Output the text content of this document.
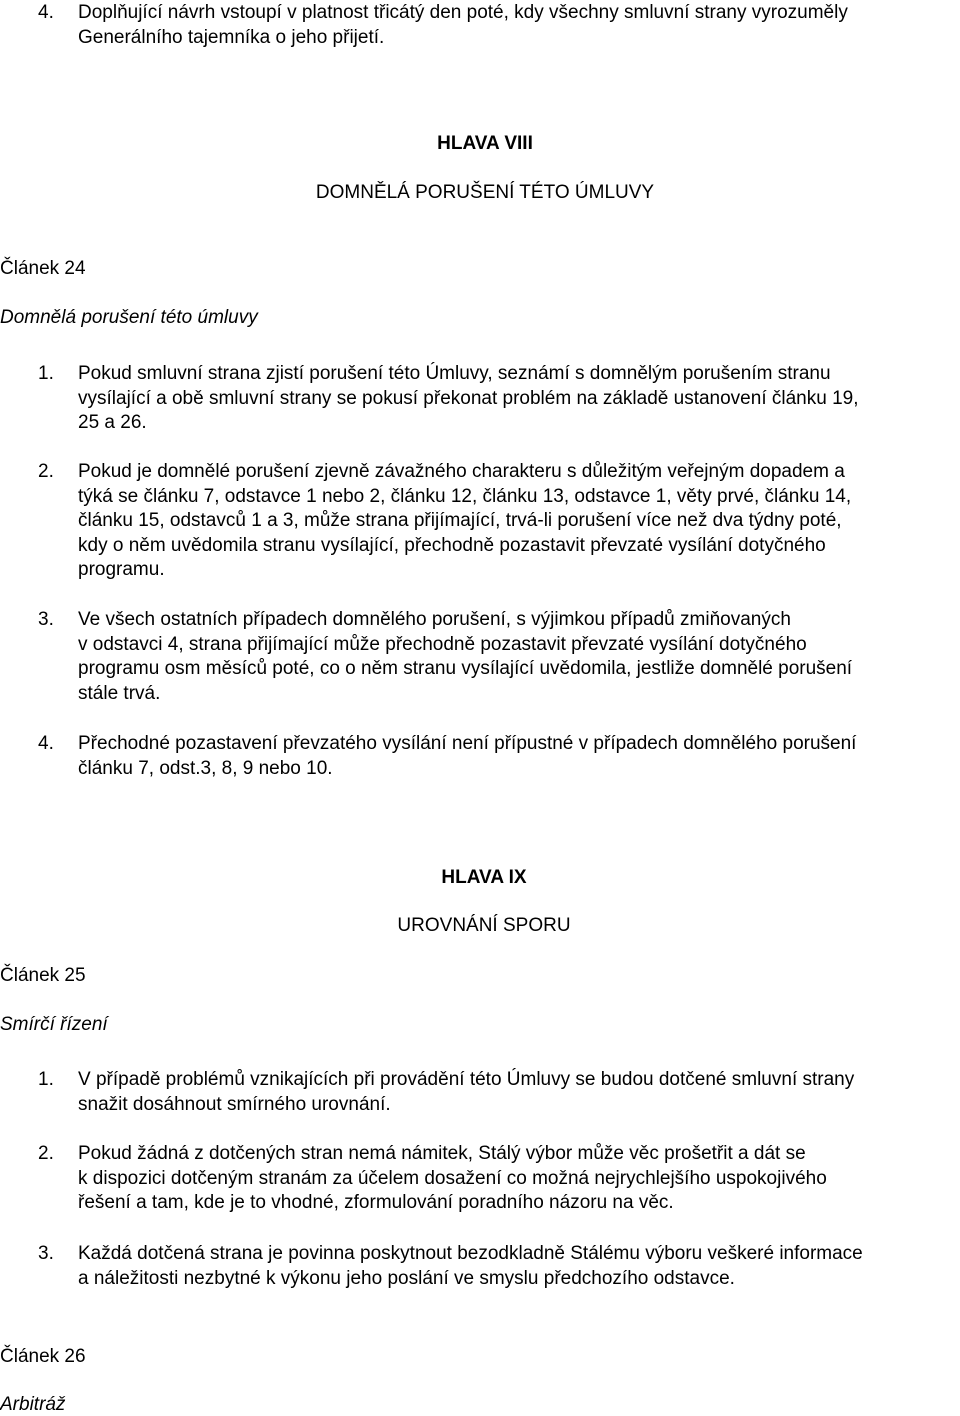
4. Doplňující návrh vstoupí v platnost třicátý den poté, kdy všechny smluvní strany vyrozuměly
Generálního tajemníka o jeho přijetí.
HLAVA VIII
DOMNĚLÁ PORUŠENÍ TÉTO ÚMLUVY
Článek 24
Domnělá porušení této úmluvy
1. Pokud smluvní strana zjistí porušení této Úmluvy, seznámí s domnělým porušením stranu
vysílající a obě smluvní strany se pokusí překonat problém na základě ustanovení článku 19,
25 a 26.
2. Pokud je domnělé porušení zjevně závažného charakteru s důležitým veřejným dopadem a
týká se článku 7, odstavce 1 nebo 2, článku 12, článku 13, odstavce 1, věty prvé, článku 14,
článku 15, odstavců 1 a 3, může strana přijímající, trvá-li porušení více než dva týdny poté,
kdy o něm uvědomila stranu vysílající, přechodně pozastavit převzaté vysílání dotyčného
programu.
3. Ve všech ostatních případech domnělého porušení, s výjimkou případů zmiňovaných
v odstavci 4, strana přijímající může přechodně pozastavit převzaté vysílání dotyčného
programu osm měsíců poté, co o něm stranu vysílající uvědomila, jestliže domnělé porušení
stále trvá.
4. Přechodné pozastavení převzatého vysílání není přípustné v případech domnělého porušení
článku 7, odst.3, 8, 9 nebo 10.
HLAVA IX
UROVNÁNÍ SPORU
Článek 25
Smírčí řízení
1. V případě problémů vznikajících při provádění této Úmluvy se budou dotčené smluvní strany
snažit dosáhnout smírného urovnání.
2. Pokud žádná z dotčených stran nemá námitek, Stálý výbor může věc prošetřit a dát se
k dispozici dotčeným stranám za účelem dosažení co možná nejrychlejšího uspokojivého
řešení a tam, kde je to vhodné, zformulování poradního názoru na věc.
3. Každá dotčená strana je povinna poskytnout bezodkladně Stálému výboru veškeré informace
a náležitosti nezbytné k výkonu jeho poslání ve smyslu předchozího odstavce.
Článek 26
Arbitráž
